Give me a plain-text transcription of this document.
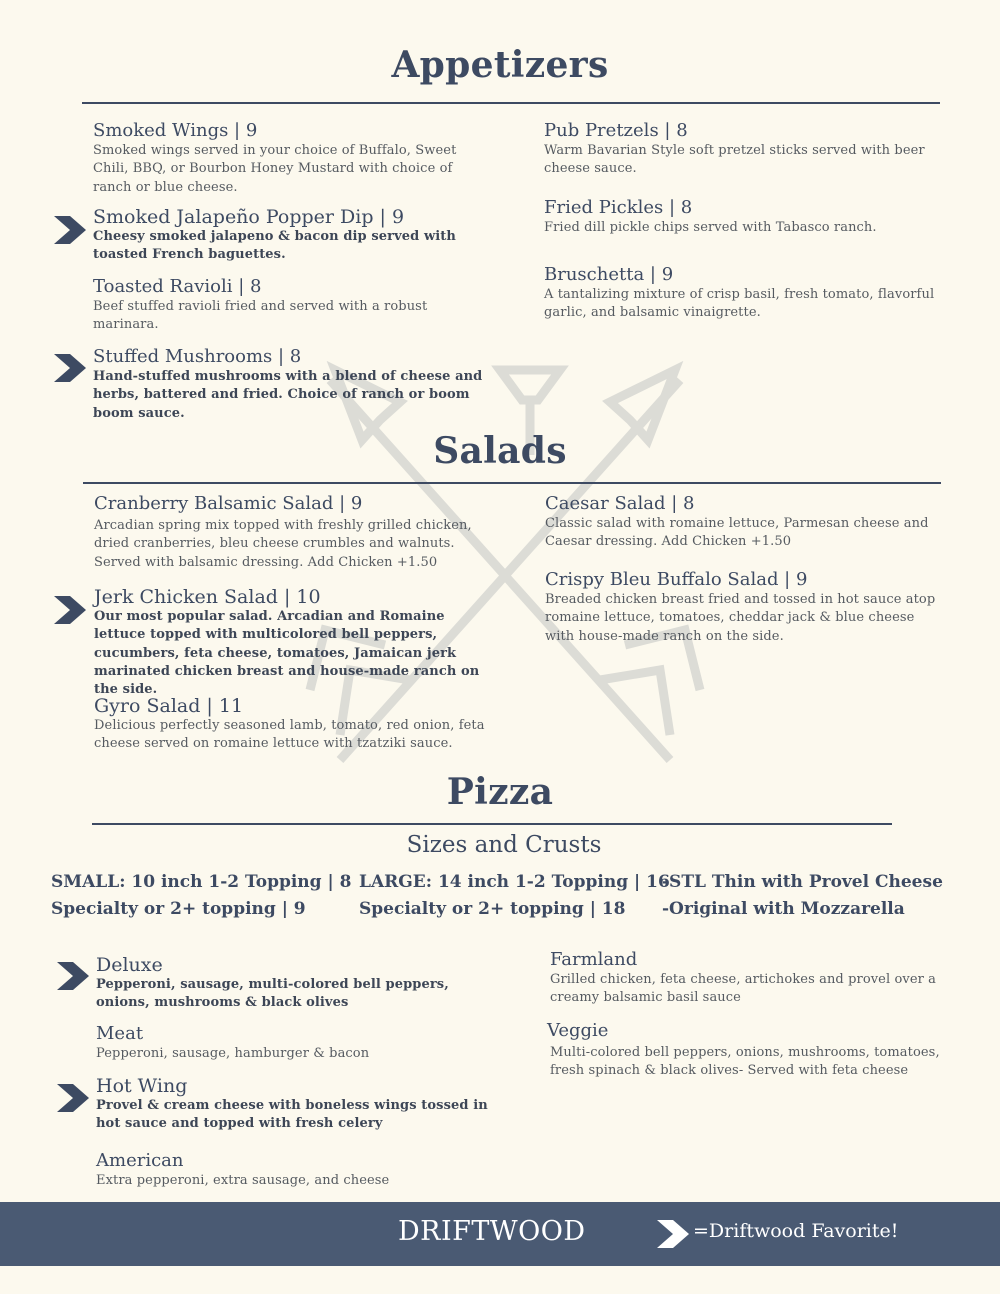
Appetizers
Smoked Wings | 9
Smoked wings served in your choice of Buffalo, Sweet Chili, BBQ, or Bourbon Honey Mustard with choice of ranch or blue cheese.
Smoked Jalapeño Popper Dip | 9
Cheesy smoked jalapeno & bacon dip served with toasted French baguettes.
Toasted Ravioli | 8
Beef stuffed ravioli fried and served with a robust marinara.
Stuffed Mushrooms | 8
Hand-stuffed mushrooms with a blend of cheese and herbs, battered and fried. Choice of ranch or boom boom sauce.
Pub Pretzels | 8
Warm Bavarian Style soft pretzel sticks served with beer cheese sauce.
Fried Pickles | 8
Fried dill pickle chips served with Tabasco ranch.
Bruschetta | 9
A tantalizing mixture of crisp basil, fresh tomato, flavorful garlic, and balsamic vinaigrette.
Salads
Cranberry Balsamic Salad | 9
Arcadian spring mix topped with freshly grilled chicken, dried cranberries, bleu cheese crumbles and walnuts. Served with balsamic dressing. Add Chicken +1.50
Jerk Chicken Salad | 10
Our most popular salad. Arcadian and Romaine lettuce topped with multicolored bell peppers, cucumbers, feta cheese, tomatoes, Jamaican jerk marinated chicken breast and house-made ranch on the side.
Gyro Salad | 11
Delicious perfectly seasoned lamb, tomato, red onion, feta cheese served on romaine lettuce with tzatziki sauce.
Caesar Salad | 8
Classic salad with romaine lettuce, Parmesan cheese and Caesar dressing. Add Chicken +1.50
Crispy Bleu Buffalo Salad | 9
Breaded chicken breast fried and tossed in hot sauce atop romaine lettuce, tomatoes, cheddar jack & blue cheese with house-made ranch on the side.
Pizza
Sizes and Crusts
SMALL: 10 inch 1-2 Topping | 8
Specialty or 2+ topping | 9
LARGE: 14 inch 1-2 Topping | 16
Specialty or 2+ topping | 18
-STL Thin with Provel Cheese
-Original with Mozzarella
Deluxe
Pepperoni, sausage, multi-colored bell peppers, onions, mushrooms & black olives
Meat
Pepperoni, sausage, hamburger & bacon
Hot Wing
Provel & cream cheese with boneless wings tossed in hot sauce and topped with fresh celery
American
Extra pepperoni, extra sausage, and cheese
Farmland
Grilled chicken, feta cheese, artichokes and provel over a creamy balsamic basil sauce
Veggie
Multi-colored bell peppers, onions, mushrooms, tomatoes, fresh spinach & black olives- Served with feta cheese
DRIFTWOOD	=Driftwood Favorite!
